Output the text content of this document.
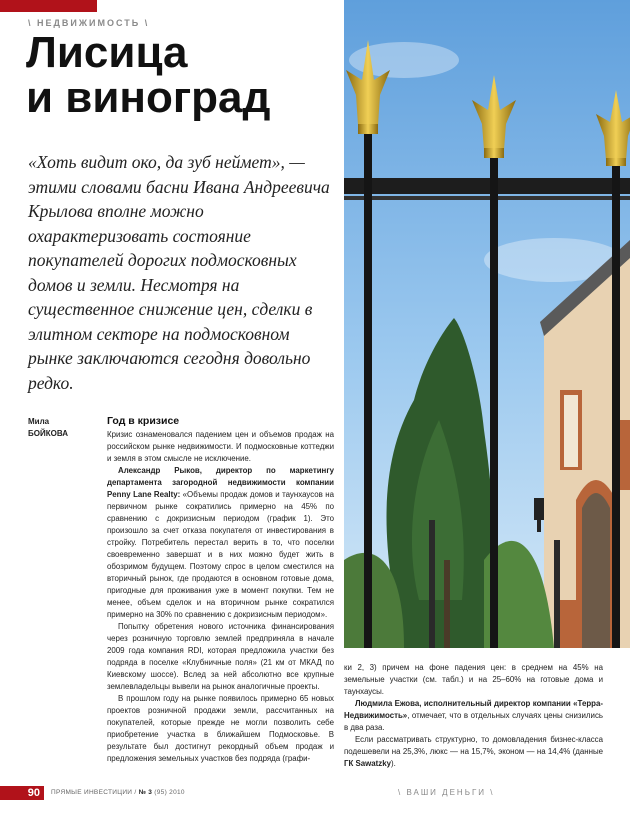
\ НЕДВИЖИМОСТЬ \
Лисица
и виноград

«Хоть видит око, да зуб неймет», — этими словами басни Ивана Андреевича Крылова вполне можно охарактеризовать состояние покупателей дорогих подмосковных домов и земли. Несмотря на существенное снижение цен, сделки в элитном секторе на подмосковном рынке заключаются сегодня довольно редко.

Мила
БОЙКОВА
Год в кризисе

Кризис ознаменовался падением цен и объемов продаж на российском рынке недвижимости. И подмосковные коттеджи и земля в этом смысле не исключение.

Александр Рыков, директор по маркетингу департамента загородной недвижимости компании Penny Lane Realty: «Объемы продаж домов и таунхаусов на первичном рынке сократились примерно на 45% по сравнению с докризисным периодом (график 1). Это произошло за счет отказа покупателя от инвестирования в стройку. Потребитель перестал верить в то, что поселки своевременно завершат и в них можно будет жить в обозримом будущем. Поэтому спрос в целом сместился на вторичный рынок, где продаются в основном готовые дома, пригодные для проживания уже в момент покупки. Тем не менее, объем сделок и на вторичном рынке сократился примерно на 30% по сравнению с докризисным периодом».

Попытку обретения нового источника финансирования через розничную торговлю землей предприняла в начале 2009 года компания RDI, которая предложила участки без подряда в поселке «Клубничные поля» (21 км от МКАД по Киевскому шоссе). Вслед за ней абсолютно все крупные землевладельцы вывели на рынок аналогичные проекты.

В прошлом году на рынке появилось примерно 65 новых проектов розничной продажи земли, рассчитанных на покупателей, которые прежде не могли позволить себе приобретение участка в ближайшем Подмосковье. В результате был достигнут рекордный объем продаж и предложения земельных участков без подряда (графи-

ки 2, 3) причем на фоне падения цен: в среднем на 45% на земельные участки (см. табл.) и на 25–60% на готовые дома и таунхаусы.

Людмила Ежова, исполнительный директор компании «Терра-Недвижимость», отмечает, что в отдельных случаях цены снизились в два раза.

Если рассматривать структурно, то домовладения бизнес-класса подешевели на 25,3%, люкс — на 15,7%, эконом — на 14,4% (данные ГК Sawatzky).

90	ПРЯМЫЕ ИНВЕСТИЦИИ / № 3 (95) 2010	\ ВАШИ ДЕНЬГИ \
